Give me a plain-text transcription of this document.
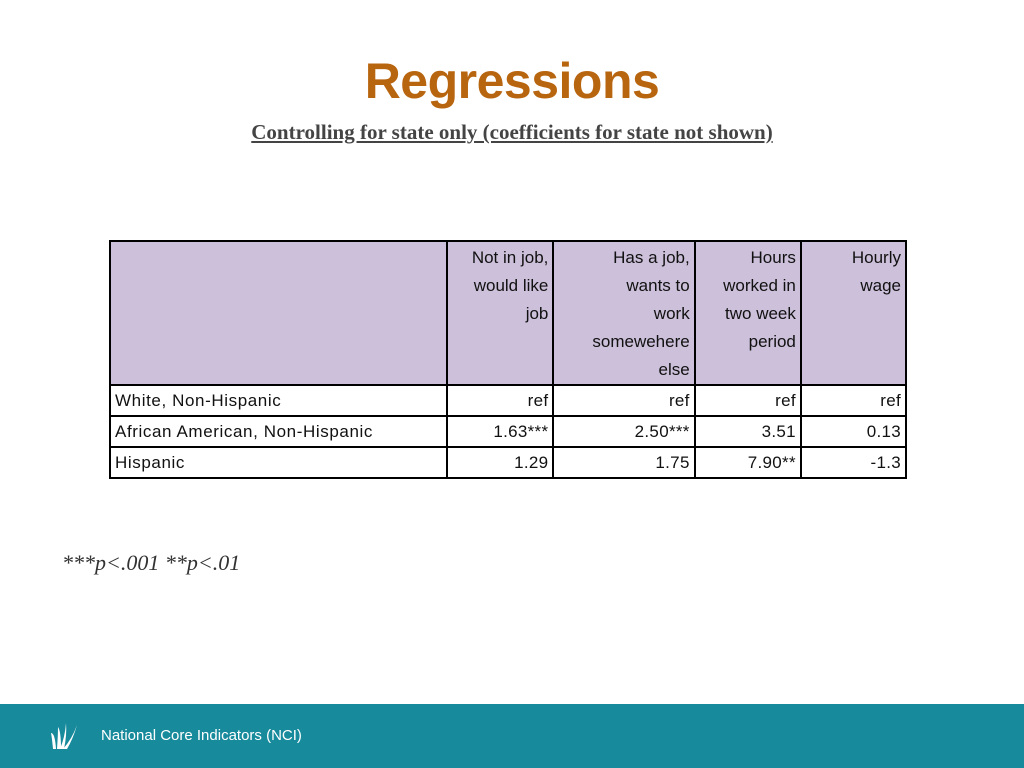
Regressions
Controlling for state only (coefficients for state not shown)
	Not in job,
would like
job	Has a job,
wants to
work
somewehere
else	Hours
worked in
two week
period	Hourly
wage
White, Non-Hispanic	ref	ref	ref	ref
African American, Non-Hispanic	1.63***	2.50***	3.51	0.13
Hispanic	1.29	1.75	7.90**	-1.3
***p<.001 **p<.01
National Core Indicators (NCI)
